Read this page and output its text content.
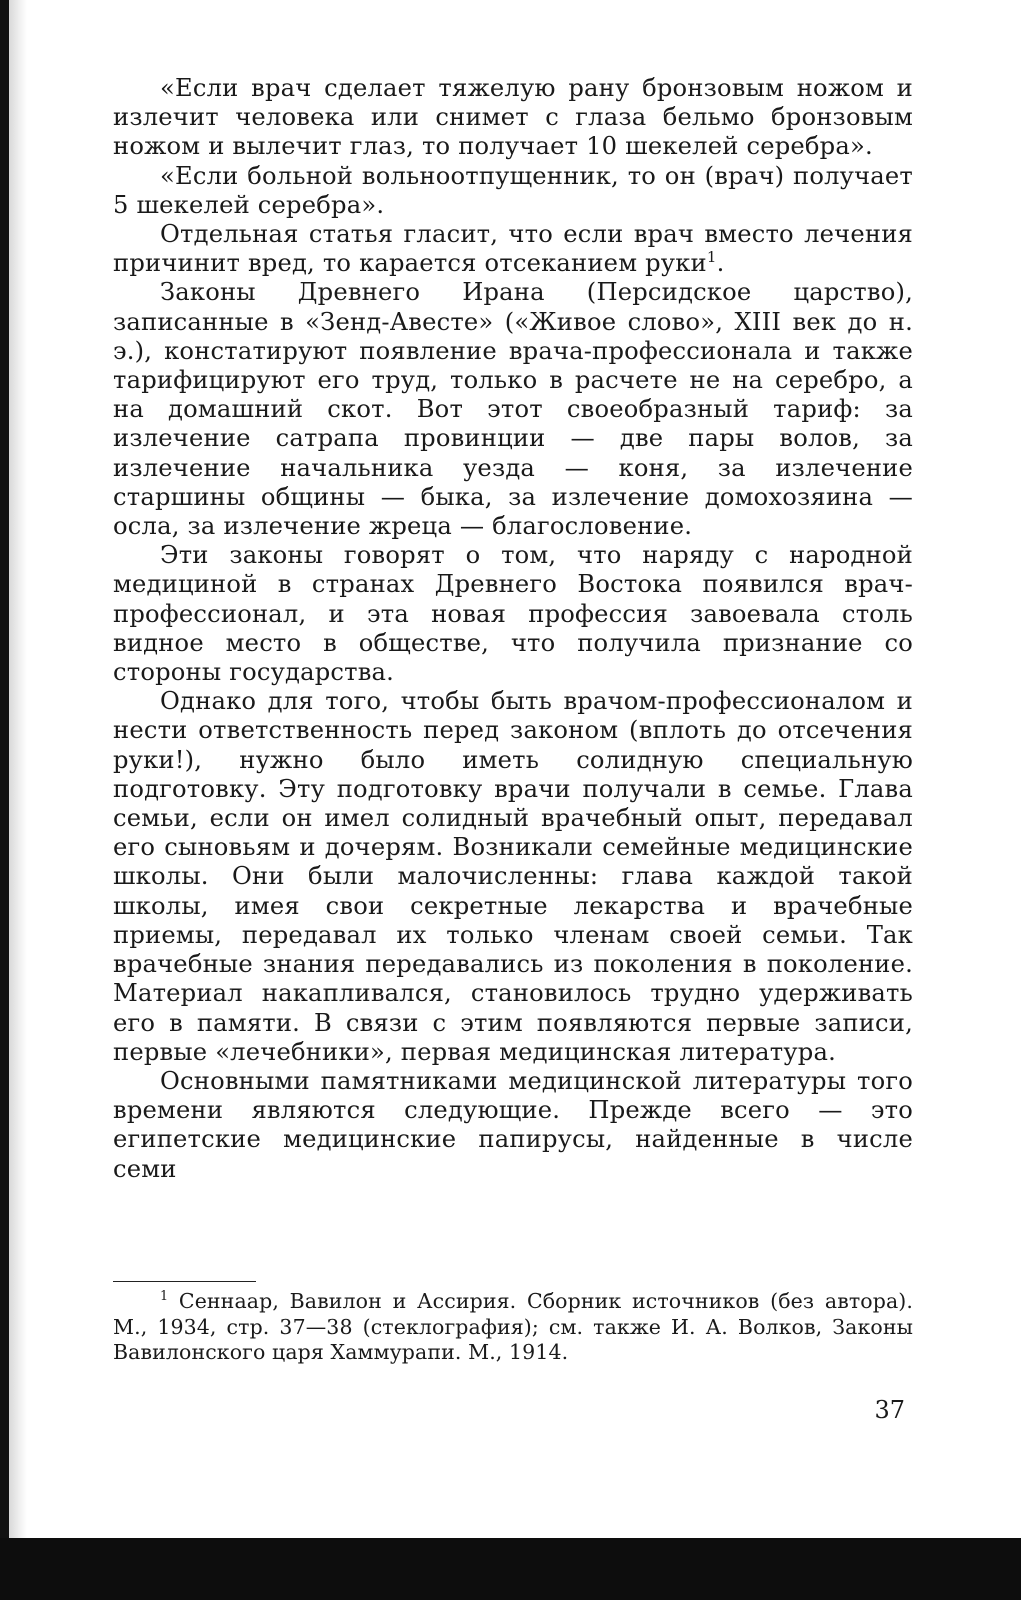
«Если врач сделает тяжелую рану бронзовым ножом и излечит человека или снимет с глаза бельмо бронзовым ножом и вылечит глаз, то получает 10 шекелей серебра».

«Если больной вольноотпущенник, то он (врач) получает 5 шекелей серебра».

Отдельная статья гласит, что если врач вместо лечения причинит вред, то карается отсеканием руки$^1$.

Законы Древнего Ирана (Персидское царство), записанные в «Зенд-Авесте» («Живое слово», XIII век до н. э.), констатируют появление врача-профессионала и также тарифицируют его труд, только в расчете не на серебро, а на домашний скот. Вот этот своеобразный тариф: за излечение сатрапа провинции — две пары волов, за излечение начальника уезда — коня, за излечение старшины общины — быка, за излечение домохозяина — осла, за излечение жреца — благословение.

Эти законы говорят о том, что наряду с народной медициной в странах Древнего Востока появился врач-профессионал, и эта новая профессия завоевала столь видное место в обществе, что получила признание со стороны государства.

Однако для того, чтобы быть врачом-профессионалом и нести ответственность перед законом (вплоть до отсечения руки!), нужно было иметь солидную специальную подготовку. Эту подготовку врачи получали в семье. Глава семьи, если он имел солидный врачебный опыт, передавал его сыновьям и дочерям. Возникали семейные медицинские школы. Они были малочисленны: глава каждой такой школы, имея свои секретные лекарства и врачебные приемы, передавал их только членам своей семьи. Так врачебные знания передавались из поколения в поколение. Материал накапливался, становилось трудно удерживать его в памяти. В связи с этим появляются первые записи, первые «лечебники», первая медицинская литература.

Основными памятниками медицинской литературы того времени являются следующие. Прежде всего — это египетские медицинские папирусы, найденные в числе семи

$^1$ Сеннаар, Вавилон и Ассирия. Сборник источников (без автора). М., 1934, стр. 37—38 (стеклография); см. также И. А. Волков, Законы Вавилонского царя Хаммурапи. М., 1914.

37
